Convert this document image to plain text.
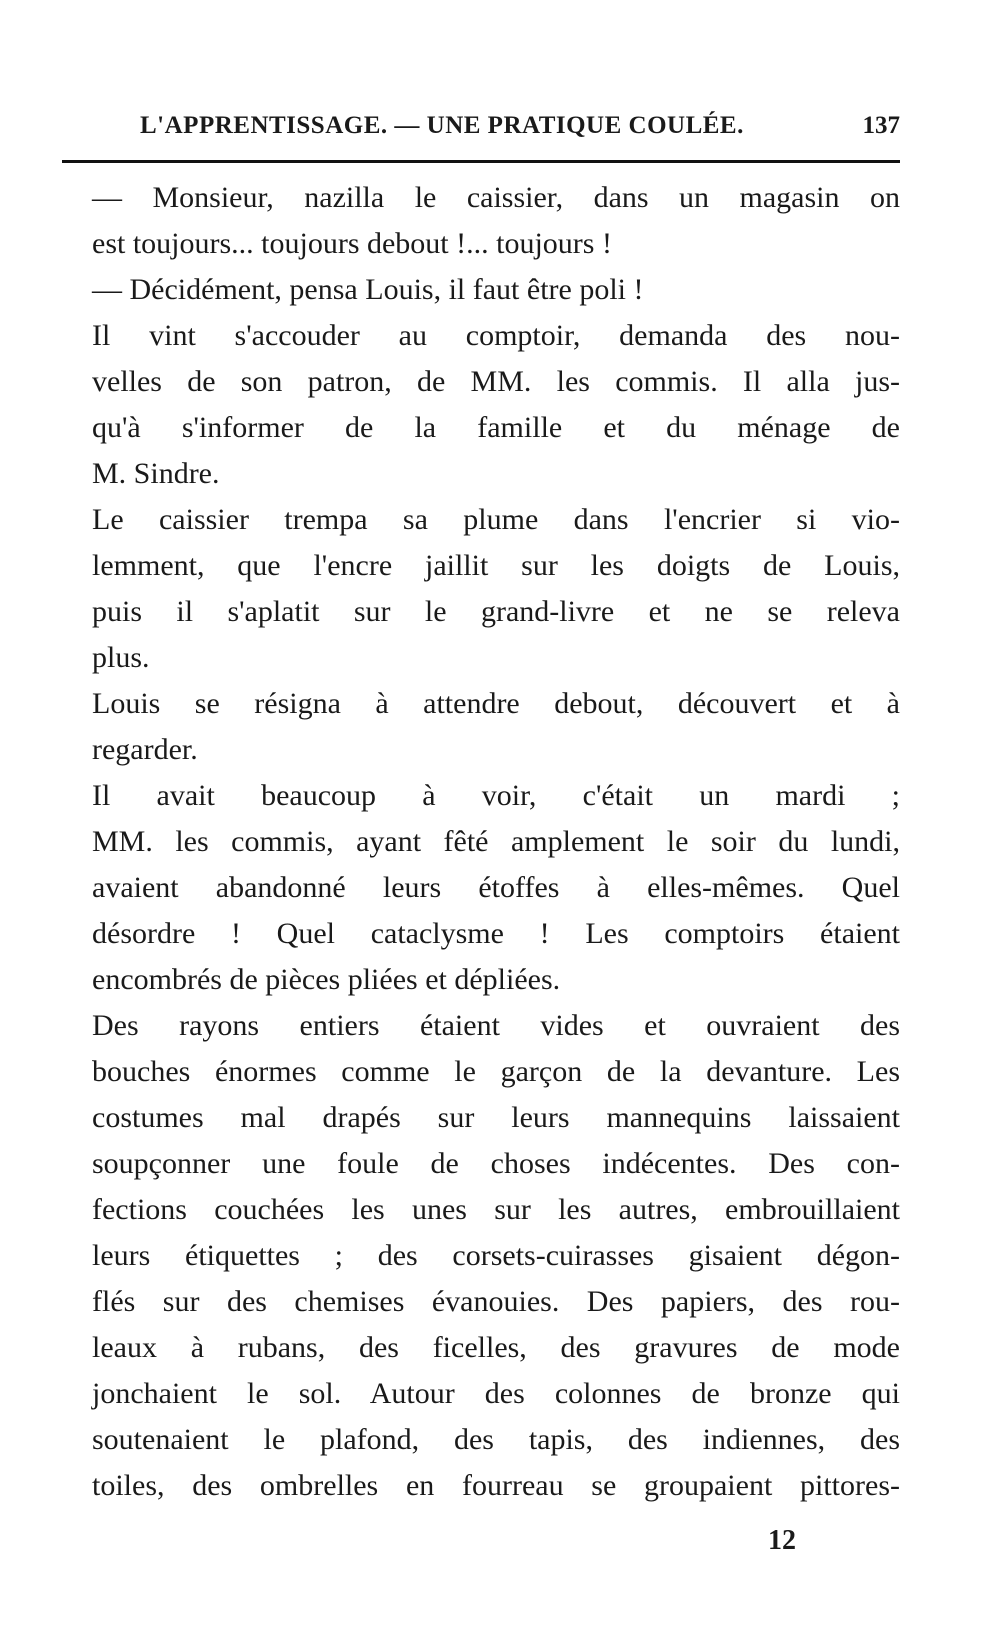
L'APPRENTISSAGE. — UNE PRATIQUE COULÉE.	137

— Monsieur, nazilla le caissier, dans un magasin on
est toujours... toujours debout !... toujours !

— Décidément, pensa Louis, il faut être poli !

Il vint s'accouder au comptoir, demanda des nou-
velles de son patron, de MM. les commis. Il alla jus-
qu'à s'informer de la famille et du ménage de
M. Sindre.

Le caissier trempa sa plume dans l'encrier si vio-
lemment, que l'encre jaillit sur les doigts de Louis,
puis il s'aplatit sur le grand-livre et ne se releva
plus.

Louis se résigna à attendre debout, découvert et à
regarder.

Il avait beaucoup à voir, c'était un mardi ;
MM. les commis, ayant fêté amplement le soir du lundi,
avaient abandonné leurs étoffes à elles-mêmes. Quel
désordre ! Quel cataclysme ! Les comptoirs étaient
encombrés de pièces pliées et dépliées.

Des rayons entiers étaient vides et ouvraient des
bouches énormes comme le garçon de la devanture. Les
costumes mal drapés sur leurs mannequins laissaient
soupçonner une foule de choses indécentes. Des con-
fections couchées les unes sur les autres, embrouillaient
leurs étiquettes ; des corsets-cuirasses gisaient dégon-
flés sur des chemises évanouies. Des papiers, des rou-
leaux à rubans, des ficelles, des gravures de mode
jonchaient le sol. Autour des colonnes de bronze qui
soutenaient le plafond, des tapis, des indiennes, des
toiles, des ombrelles en fourreau se groupaient pittores-

12
